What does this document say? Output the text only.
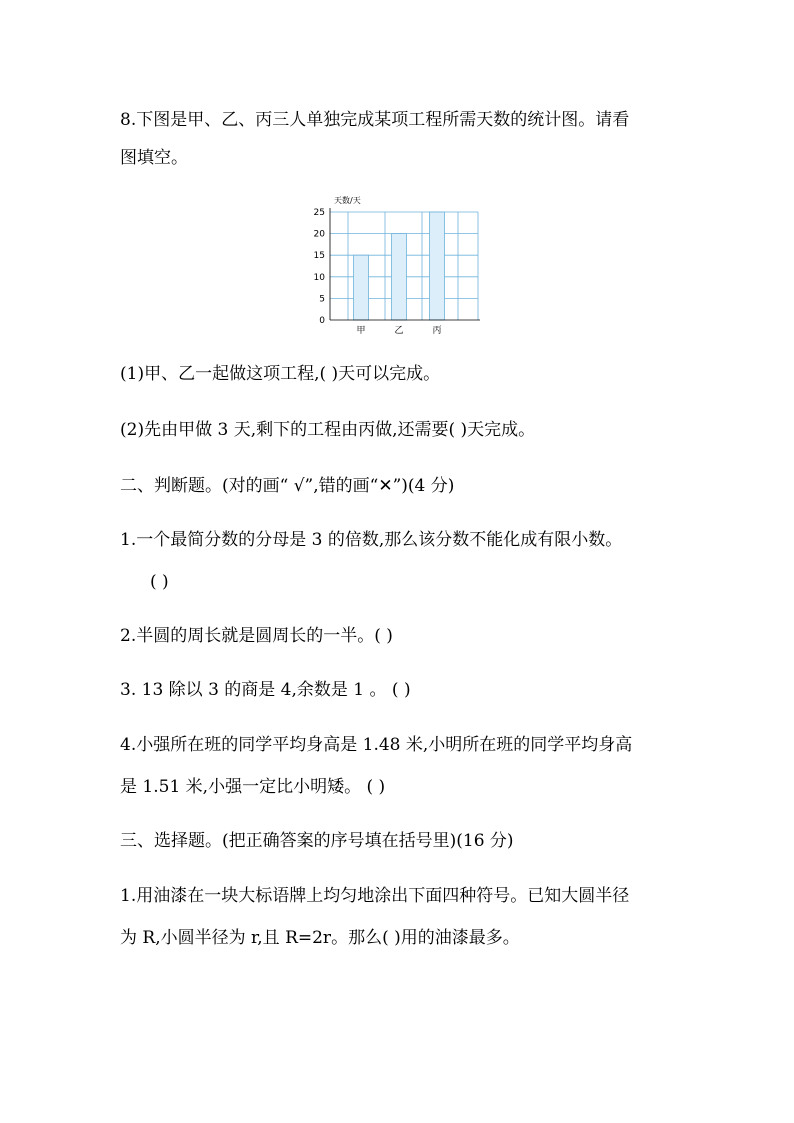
8.下图是甲、乙、丙三人单独完成某项工程所需天数的统计图。请看
图填空。
天数/天
0
5
10
15
20
25
甲	乙	丙
(1)甲、乙一起做这项工程,( )天可以完成。
(2)先由甲做 3 天,剩下的工程由丙做,还需要( )天完成。
二、判断题。(对的画“ √”,错的画“✕”)(4 分)
1.一个最简分数的分母是 3 的倍数,那么该分数不能化成有限小数。
( )
2.半圆的周长就是圆周长的一半。( )
3. 13 除以 3 的商是 4,余数是 1 。 ( )
4.小强所在班的同学平均身高是 1.48 米,小明所在班的同学平均身高
是 1.51 米,小强一定比小明矮。 ( )
三、选择题。(把正确答案的序号填在括号里)(16 分)
1.用油漆在一块大标语牌上均匀地涂出下面四种符号。已知大圆半径
为 R,小圆半径为 r,且 R=2r。那么( )用的油漆最多。
